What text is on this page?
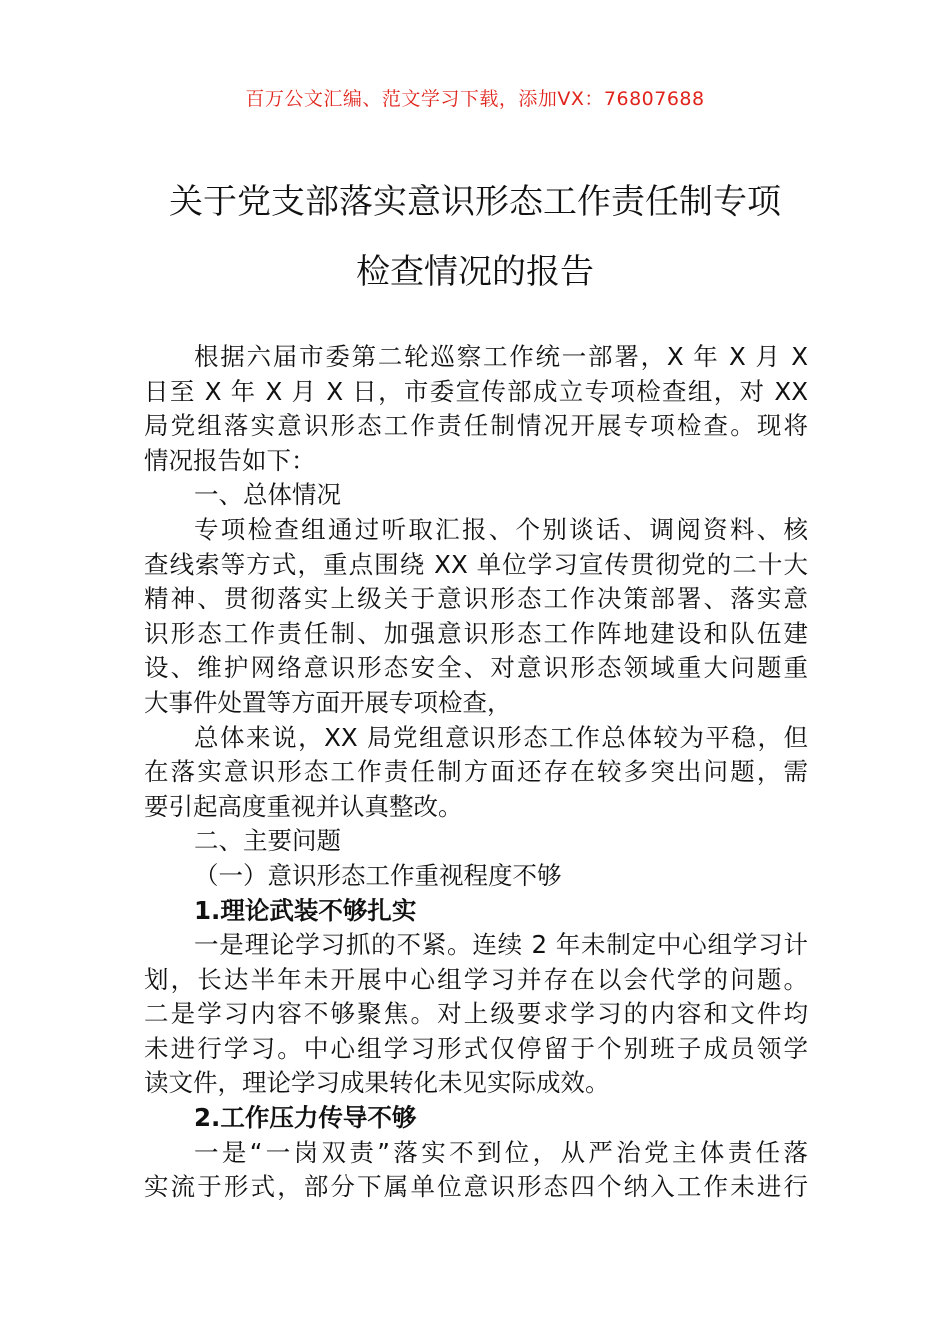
百万公文汇编、范文学习下载，添加VX：76807688
关于党支部落实意识形态工作责任制专项
检查情况的报告
根据六届市委第二轮巡察工作统一部署，X 年 X 月 X
日至 X 年 X 月 X 日，市委宣传部成立专项检查组，对 XX
局党组落实意识形态工作责任制情况开展专项检查。现将
情况报告如下：
一、总体情况
专项检查组通过听取汇报、个别谈话、调阅资料、核
查线索等方式，重点围绕 XX 单位学习宣传贯彻党的二十大
精神、贯彻落实上级关于意识形态工作决策部署、落实意
识形态工作责任制、加强意识形态工作阵地建设和队伍建
设、维护网络意识形态安全、对意识形态领域重大问题重
大事件处置等方面开展专项检查，
总体来说，XX 局党组意识形态工作总体较为平稳，但
在落实意识形态工作责任制方面还存在较多突出问题，需
要引起高度重视并认真整改。
二、主要问题
（一）意识形态工作重视程度不够
1.理论武装不够扎实
一是理论学习抓的不紧。连续 2 年未制定中心组学习计
划，长达半年未开展中心组学习并存在以会代学的问题。
二是学习内容不够聚焦。对上级要求学习的内容和文件均
未进行学习。中心组学习形式仅停留于个别班子成员领学
读文件，理论学习成果转化未见实际成效。
2.工作压力传导不够
一是“一岗双责”落实不到位，从严治党主体责任落
实流于形式，部分下属单位意识形态四个纳入工作未进行
